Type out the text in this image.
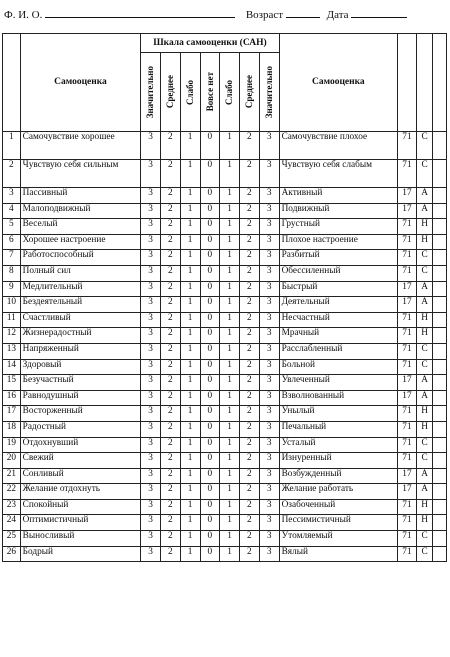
Ф. И. О.	Возраст	Дата
	Самооценка	Шкала самооценки (САН)							Самооценка			

		Значительно	Среднее	Слабо	Вовсе нет	Слабо	Среднее	Значительно				

1	Самочувствие хорошее	3	2	1	0	1	2	3	Самочувствие плохое	71	С	
2	Чувствую себя сильным	3	2	1	0	1	2	3	Чувствую себя слабым	71	С	
3	Пассивный	3	2	1	0	1	2	3	Активный	17	А	
4	Малоподвижный	3	2	1	0	1	2	3	Подвижный	17	А	
5	Веселый	3	2	1	0	1	2	3	Грустный	71	Н	
6	Хорошее настроение	3	2	1	0	1	2	3	Плохое настроение	71	Н	
7	Работоспособный	3	2	1	0	1	2	3	Разбитый	71	С	
8	Полный сил	3	2	1	0	1	2	3	Обессиленный	71	С	
9	Медлительный	3	2	1	0	1	2	3	Быстрый	17	А	
10	Бездеятельный	3	2	1	0	1	2	3	Деятельный	17	А	
11	Счастливый	3	2	1	0	1	2	3	Несчастный	71	Н	
12	Жизнерадостный	3	2	1	0	1	2	3	Мрачный	71	Н	
13	Напряженный	3	2	1	0	1	2	3	Расслабленный	71	С	
14	Здоровый	3	2	1	0	1	2	3	Больной	71	С	
15	Безучастный	3	2	1	0	1	2	3	Увлеченный	17	А	
16	Равнодушный	3	2	1	0	1	2	3	Взволнованный	17	А	
17	Восторженный	3	2	1	0	1	2	3	Унылый	71	Н	
18	Радостный	3	2	1	0	1	2	3	Печальный	71	Н	
19	Отдохнувший	3	2	1	0	1	2	3	Усталый	71	С	
20	Свежий	3	2	1	0	1	2	3	Изнуренный	71	С	
21	Сонливый	3	2	1	0	1	2	3	Возбужденный	17	А	
22	Желание отдохнуть	3	2	1	0	1	2	3	Желание работать	17	А	
23	Спокойный	3	2	1	0	1	2	3	Озабоченный	71	Н	
24	Оптимистичный	3	2	1	0	1	2	3	Пессимистичный	71	Н	
25	Выносливый	3	2	1	0	1	2	3	Утомляемый	71	С	
26	Бодрый	3	2	1	0	1	2	3	Вялый	71	С	
